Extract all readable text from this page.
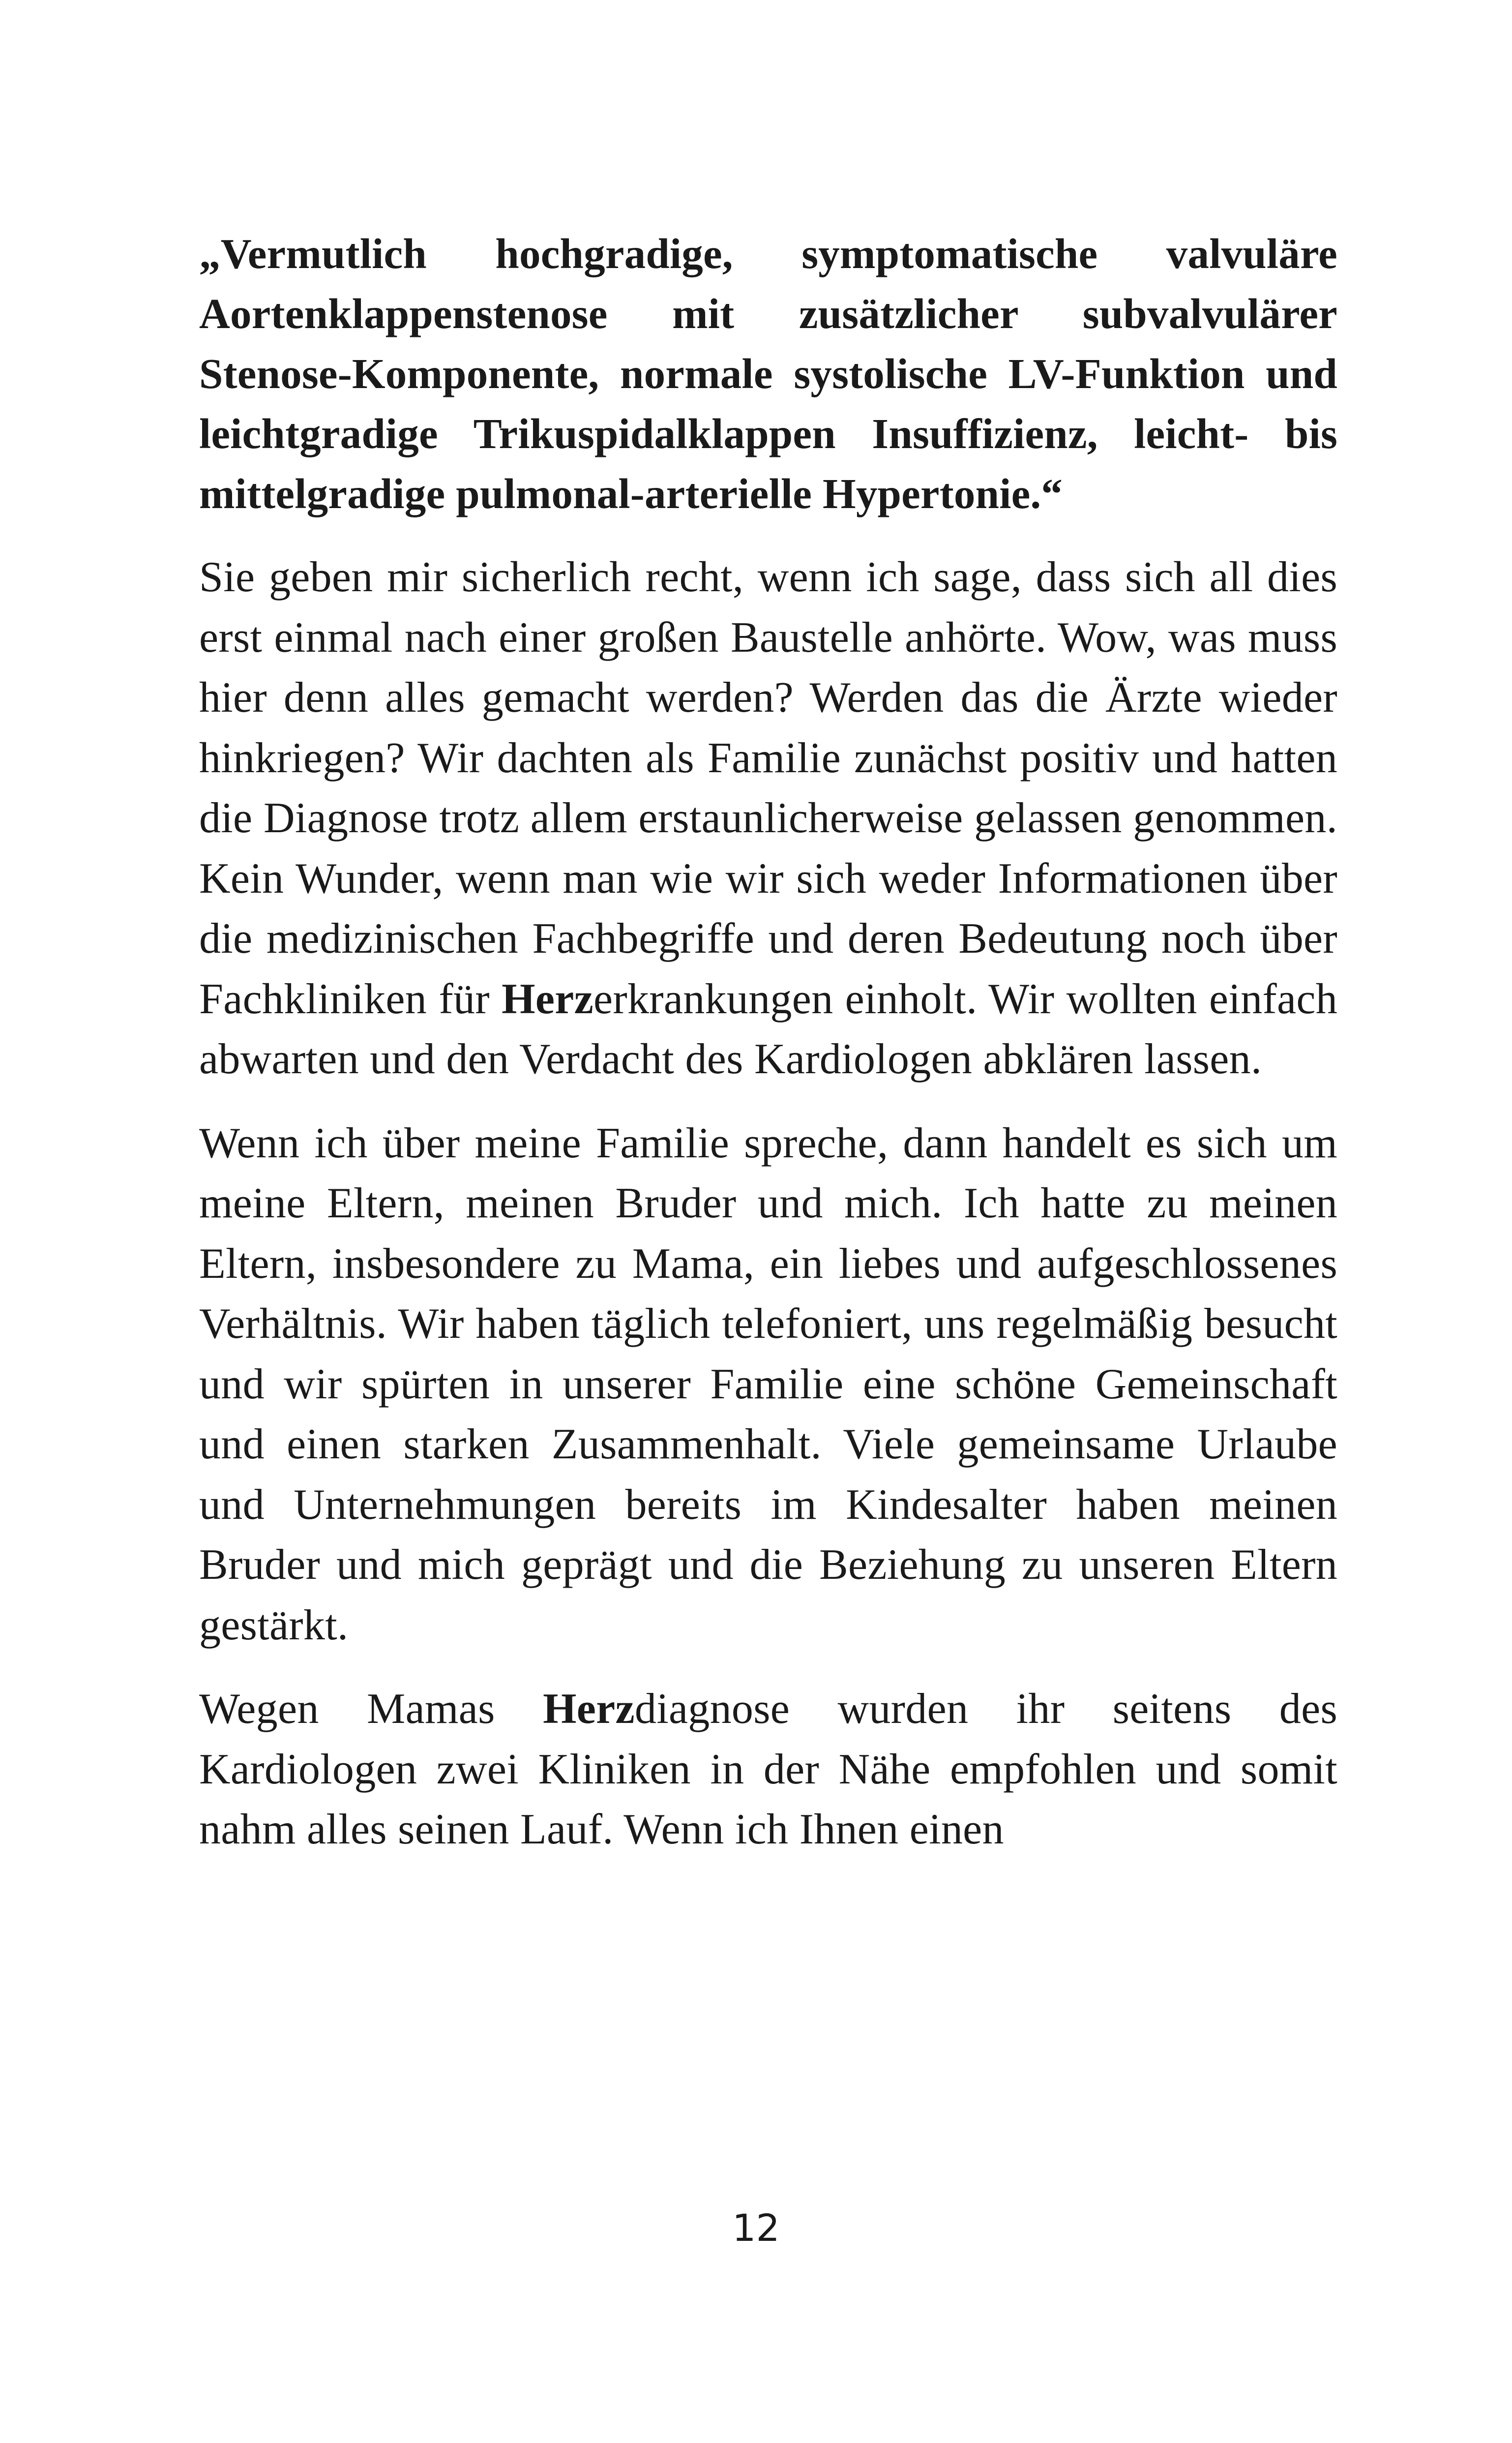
„Vermutlich hochgradige, symptomatische valvuläre Aortenklappenstenose mit zusätzlicher subvalvulärer Stenose-Komponente, normale systolische LV-Funktion und leichtgradige Trikuspidalklappen Insuffizienz, leicht- bis mittelgradige pulmonal-arterielle Hypertonie.“

Sie geben mir sicherlich recht, wenn ich sage, dass sich all dies erst einmal nach einer großen Baustelle anhörte. Wow, was muss hier denn alles gemacht werden? Werden das die Ärzte wieder hinkriegen? Wir dachten als Familie zunächst positiv und hatten die Diagnose trotz allem erstaunlicherweise gelassen genommen. Kein Wunder, wenn man wie wir sich weder Informationen über die medizinischen Fachbegriffe und deren Bedeutung noch über Fachkliniken für Herzerkrankungen einholt. Wir wollten einfach abwarten und den Verdacht des Kardiologen abklären lassen.

Wenn ich über meine Familie spreche, dann handelt es sich um meine Eltern, meinen Bruder und mich. Ich hatte zu meinen Eltern, insbesondere zu Mama, ein liebes und aufgeschlossenes Verhältnis. Wir haben täglich telefoniert, uns regelmäßig besucht und wir spürten in unserer Familie eine schöne Gemeinschaft und einen starken Zusammenhalt. Viele gemeinsame Urlaube und Unternehmungen bereits im Kindesalter haben meinen Bruder und mich geprägt und die Beziehung zu unseren Eltern gestärkt.

Wegen Mamas Herzdiagnose wurden ihr seitens des Kardiologen zwei Kliniken in der Nähe empfohlen und somit nahm alles seinen Lauf. Wenn ich Ihnen einen

12
